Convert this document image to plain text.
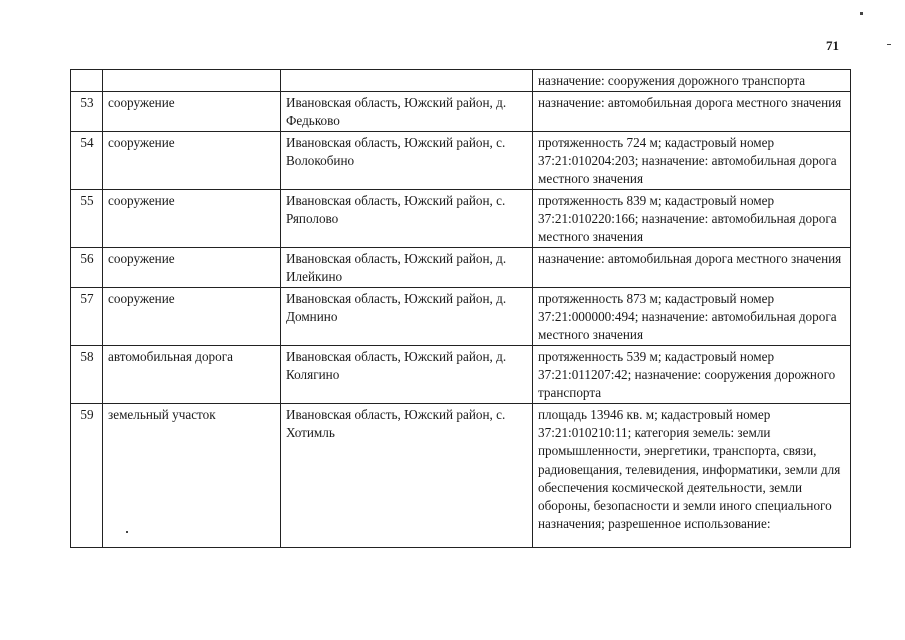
71
			назначение: сооружения дорожного транспорта
53	сооружение	Ивановская область, Южский район, д. Федьково	назначение: автомобильная дорога местного значения
54	сооружение	Ивановская область, Южский район, с. Волокобино	протяженность 724 м; кадастровый номер 37:21:010204:203; назначение: автомобильная дорога местного значения
55	сооружение	Ивановская область, Южский район, с. Ряполово	протяженность 839 м; кадастровый номер 37:21:010220:166; назначение: автомобильная дорога местного значения
56	сооружение	Ивановская область, Южский район, д. Илейкино	назначение: автомобильная дорога местного значения
57	сооружение	Ивановская область, Южский район, д. Домнино	протяженность 873 м; кадастровый номер 37:21:000000:494; назначение: автомобильная дорога местного значения
58	автомобильная дорога	Ивановская область, Южский район, д. Колягино	протяженность 539 м; кадастровый номер 37:21:011207:42; назначение: сооружения дорожного транспорта
59	земельный участок	Ивановская область, Южский район, с. Хотимль	площадь 13946 кв. м; кадастровый номер 37:21:010210:11; категория земель: земли промышленности, энергетики, транспорта, связи, радиовещания, телевидения, информатики, земли для обеспечения космической деятельности, земли обороны, безопасности и земли иного специального назначения; разрешенное использование:
